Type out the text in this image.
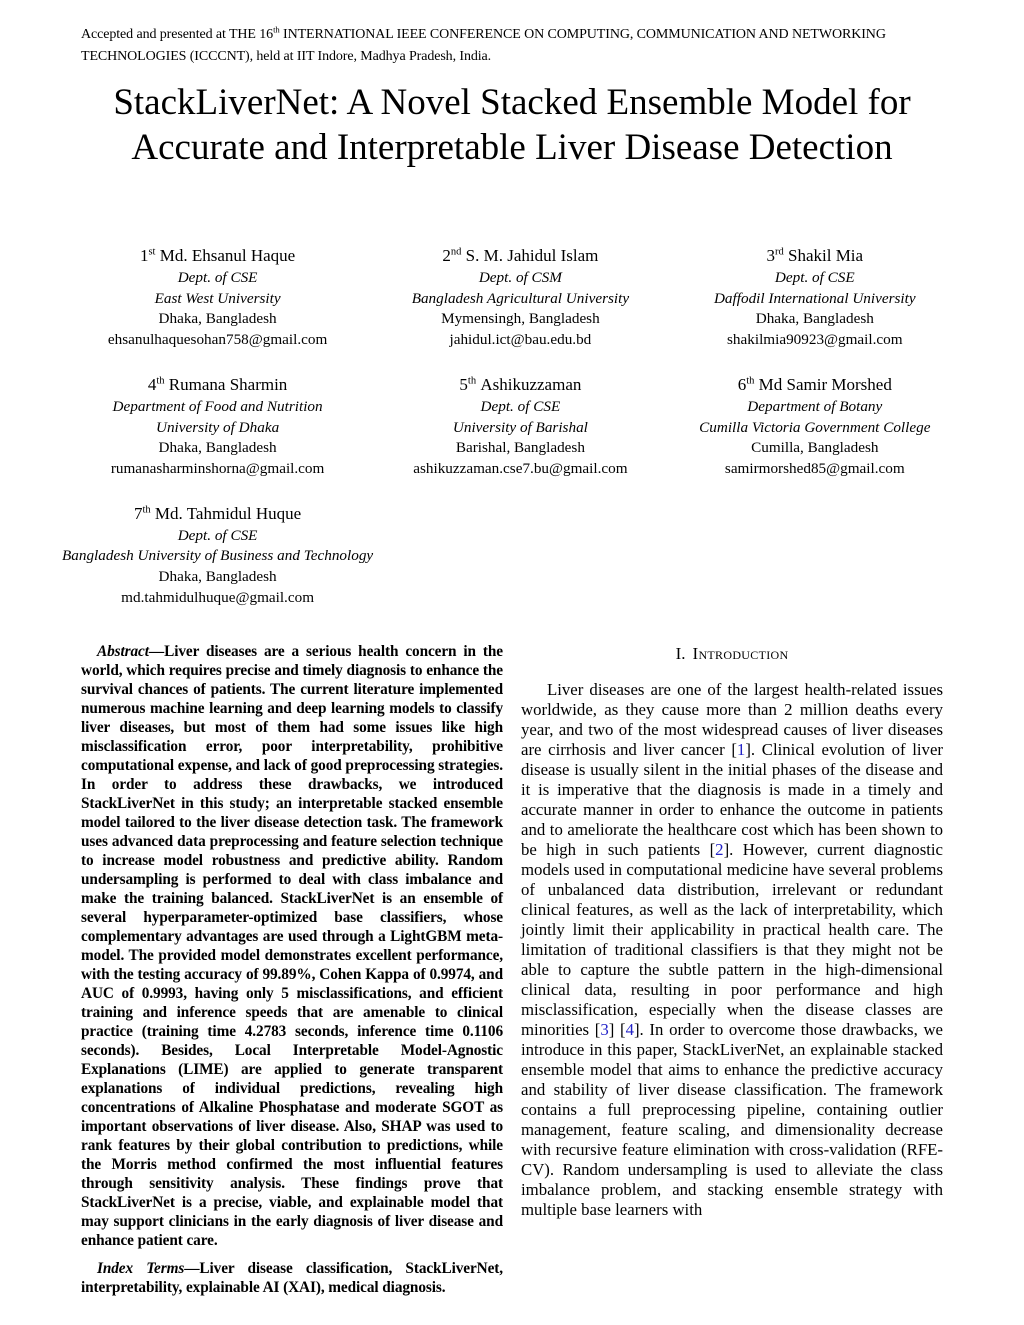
Accepted and presented at THE 16th INTERNATIONAL IEEE CONFERENCE ON COMPUTING, COMMUNICATION AND NETWORKING TECHNOLOGIES (ICCCNT), held at IIT Indore, Madhya Pradesh, India.
StackLiverNet: A Novel Stacked Ensemble Model for Accurate and Interpretable Liver Disease Detection
1st Md. Ehsanul Haque
Dept. of CSE
East West University
Dhaka, Bangladesh
ehsanulhaquesohan758@gmail.com
2nd S. M. Jahidul Islam
Dept. of CSM
Bangladesh Agricultural University
Mymensingh, Bangladesh
jahidul.ict@bau.edu.bd
3rd Shakil Mia
Dept. of CSE
Daffodil International University
Dhaka, Bangladesh
shakilmia90923@gmail.com
4th Rumana Sharmin
Department of Food and Nutrition
University of Dhaka
Dhaka, Bangladesh
rumanasharminshorna@gmail.com
5th Ashikuzzaman
Dept. of CSE
University of Barishal
Barishal, Bangladesh
ashikuzzaman.cse7.bu@gmail.com
6th Md Samir Morshed
Department of Botany
Cumilla Victoria Government College
Cumilla, Bangladesh
samirmorshed85@gmail.com
7th Md. Tahmidul Huque
Dept. of CSE
Bangladesh University of Business and Technology
Dhaka, Bangladesh
md.tahmidulhuque@gmail.com

Abstract—Liver diseases are a serious health concern in the world, which requires precise and timely diagnosis to enhance the survival chances of patients. The current literature implemented numerous machine learning and deep learning models to classify liver diseases, but most of them had some issues like high misclassification error, poor interpretability, prohibitive computational expense, and lack of good preprocessing strategies. In order to address these drawbacks, we introduced StackLiverNet in this study; an interpretable stacked ensemble model tailored to the liver disease detection task. The framework uses advanced data preprocessing and feature selection technique to increase model robustness and predictive ability. Random undersampling is performed to deal with class imbalance and make the training balanced. StackLiverNet is an ensemble of several hyperparameter-optimized base classifiers, whose complementary advantages are used through a LightGBM meta-model. The provided model demonstrates excellent performance, with the testing accuracy of 99.89%, Cohen Kappa of 0.9974, and AUC of 0.9993, having only 5 misclassifications, and efficient training and inference speeds that are amenable to clinical practice (training time 4.2783 seconds, inference time 0.1106 seconds). Besides, Local Interpretable Model-Agnostic Explanations (LIME) are applied to generate transparent explanations of individual predictions, revealing high concentrations of Alkaline Phosphatase and moderate SGOT as important observations of liver disease. Also, SHAP was used to rank features by their global contribution to predictions, while the Morris method confirmed the most influential features through sensitivity analysis. These findings prove that StackLiverNet is a precise, viable, and explainable model that may support clinicians in the early diagnosis of liver disease and enhance patient care.

Index Terms—Liver disease classification, StackLiverNet, interpretability, explainable AI (XAI), medical diagnosis.

I. Introduction

Liver diseases are one of the largest health-related issues worldwide, as they cause more than 2 million deaths every year, and two of the most widespread causes of liver diseases are cirrhosis and liver cancer [1]. Clinical evolution of liver disease is usually silent in the initial phases of the disease and it is imperative that the diagnosis is made in a timely and accurate manner in order to enhance the outcome in patients and to ameliorate the healthcare cost which has been shown to be high in such patients [2]. However, current diagnostic models used in computational medicine have several problems of unbalanced data distribution, irrelevant or redundant clinical features, as well as the lack of interpretability, which jointly limit their applicability in practical health care. The limitation of traditional classifiers is that they might not be able to capture the subtle pattern in the high-dimensional clinical data, resulting in poor performance and high misclassification, especially when the disease classes are minorities [3] [4]. In order to overcome those drawbacks, we introduce in this paper, StackLiverNet, an explainable stacked ensemble model that aims to enhance the predictive accuracy and stability of liver disease classification. The framework contains a full preprocessing pipeline, containing outlier management, feature scaling, and dimensionality decrease with recursive feature elimination with cross-validation (RFE-CV). Random undersampling is used to alleviate the class imbalance problem, and stacking ensemble strategy with multiple base learners with
